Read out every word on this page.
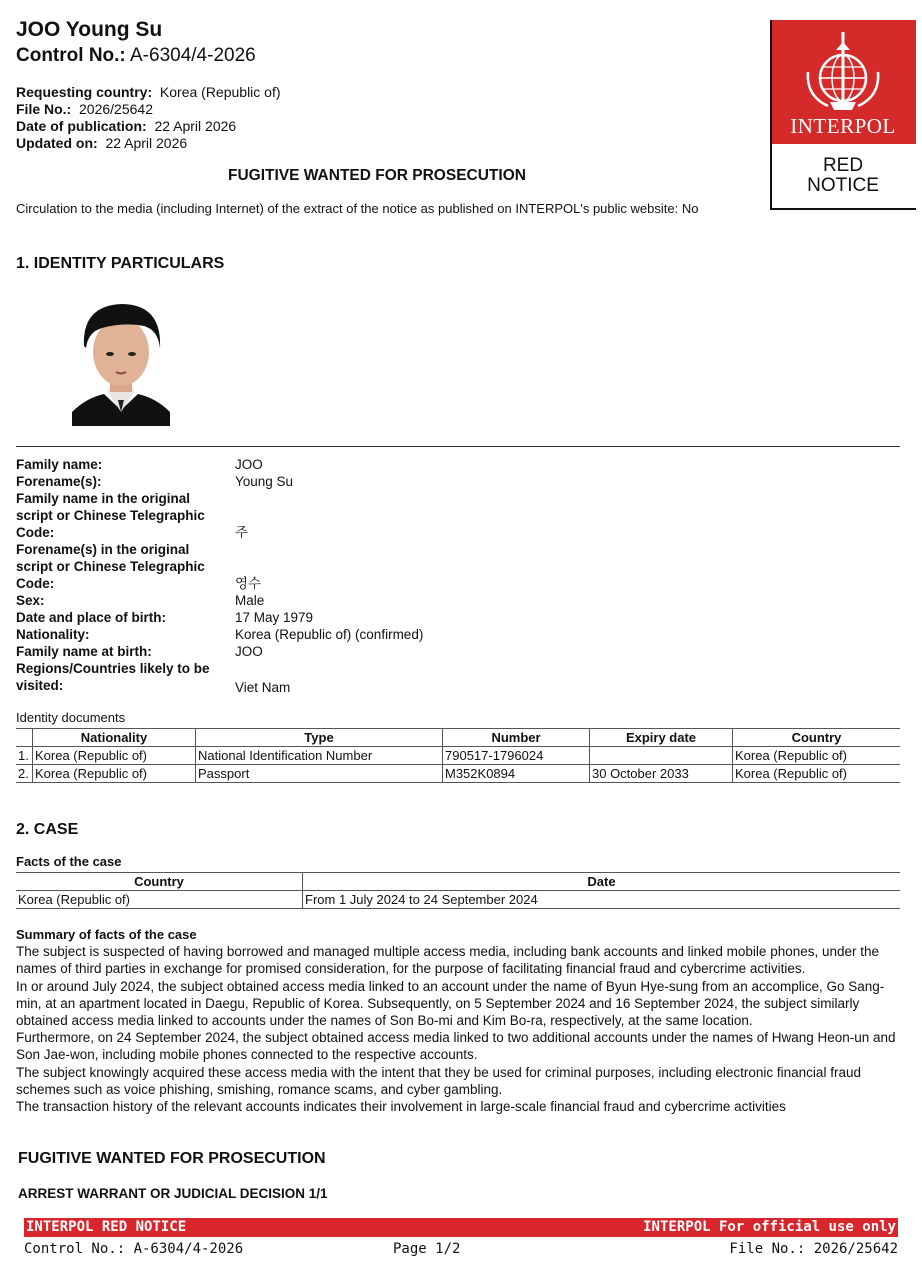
JOO Young Su
Control No.: A-6304/4-2026
Requesting country: Korea (Republic of)
File No.: 2026/25642
Date of publication: 22 April 2026
Updated on: 22 April 2026
INTERPOL
RED
NOTICE
FUGITIVE WANTED FOR PROSECUTION
Circulation to the media (including Internet) of the extract of the notice as published on INTERPOL's public website: No
1. IDENTITY PARTICULARS
Family name:	JOO
Forename(s):	Young Su
Family name in the original script or Chinese Telegraphic Code:	주
Forename(s) in the original script or Chinese Telegraphic Code:	영수
Sex:	Male
Date and place of birth:	17 May 1979
Nationality:	Korea (Republic of) (confirmed)
Family name at birth:	JOO
Regions/Countries likely to be visited:	Viet Nam
Identity documents
	Nationality	Type	Number	Expiry date	Country
1.	Korea (Republic of)	National Identification Number	790517-1796024		Korea (Republic of)
2.	Korea (Republic of)	Passport	M352K0894	30 October 2033	Korea (Republic of)
2. CASE
Facts of the case
Country	Date
Korea (Republic of)	From 1 July 2024 to 24 September 2024
Summary of facts of the case

The subject is suspected of having borrowed and managed multiple access media, including bank accounts and linked mobile phones, under the names of third parties in exchange for promised consideration, for the purpose of facilitating financial fraud and cybercrime activities.

In or around July 2024, the subject obtained access media linked to an account under the name of Byun Hye-sung from an accomplice, Go Sang-min, at an apartment located in Daegu, Republic of Korea. Subsequently, on 5 September 2024 and 16 September 2024, the subject similarly obtained access media linked to accounts under the names of Son Bo-mi and Kim Bo-ra, respectively, at the same location.

Furthermore, on 24 September 2024, the subject obtained access media linked to two additional accounts under the names of Hwang Heon-un and Son Jae-won, including mobile phones connected to the respective accounts.

The subject knowingly acquired these access media with the intent that they be used for criminal purposes, including electronic financial fraud schemes such as voice phishing, smishing, romance scams, and cyber gambling.

The transaction history of the relevant accounts indicates their involvement in large-scale financial fraud and cybercrime activities

FUGITIVE WANTED FOR PROSECUTION
ARREST WARRANT OR JUDICIAL DECISION 1/1
INTERPOL RED NOTICE	INTERPOL For official use only
Control No.: A-6304/4-2026	Page 1/2	File No.: 2026/25642
